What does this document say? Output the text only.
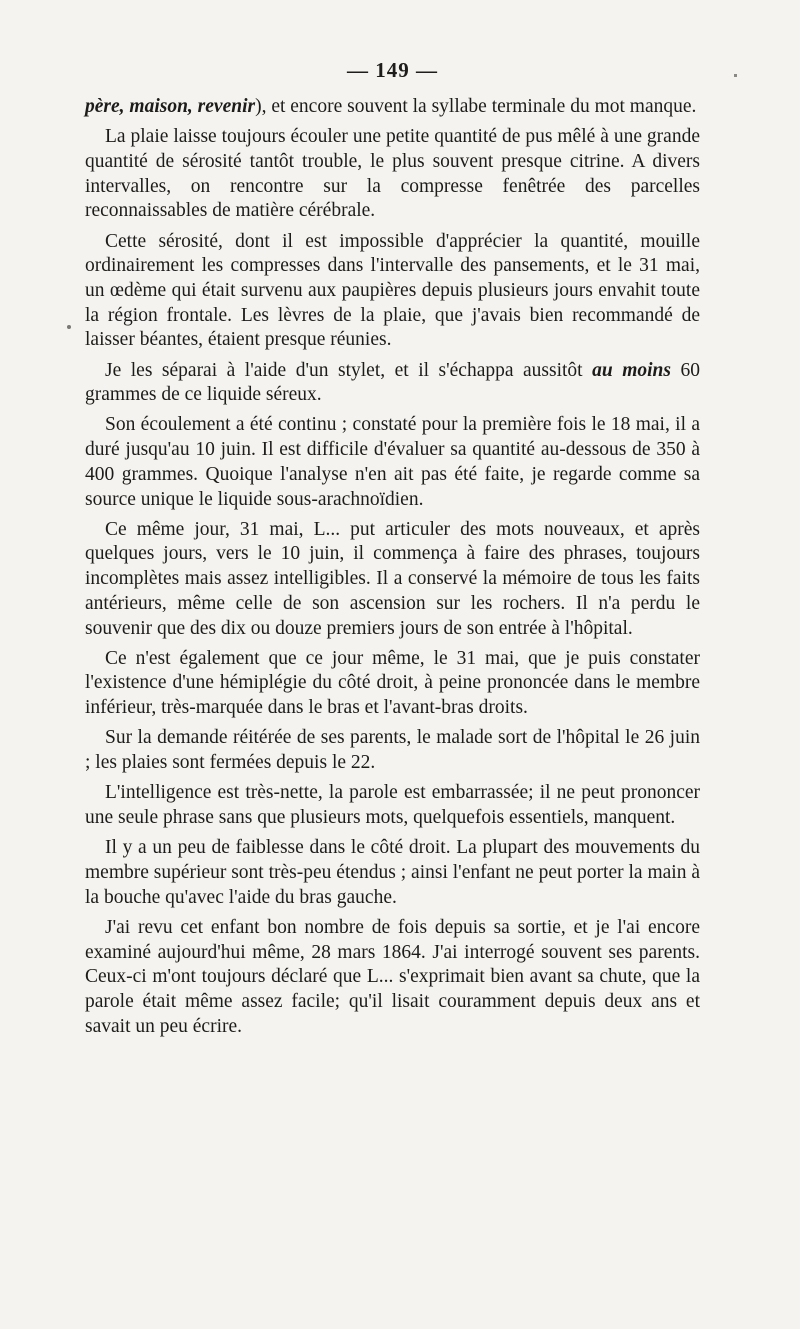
— 149 —

père, maison, revenir), et encore souvent la syllabe terminale du mot manque.

La plaie laisse toujours écouler une petite quantité de pus mêlé à une grande quantité de sérosité tantôt trouble, le plus souvent presque citrine. A divers intervalles, on rencontre sur la compresse fenêtrée des parcelles reconnaissables de matière cérébrale.

Cette sérosité, dont il est impossible d'apprécier la quantité, mouille ordinairement les compresses dans l'intervalle des pansements, et le 31 mai, un œdème qui était survenu aux paupières depuis plusieurs jours envahit toute la région frontale. Les lèvres de la plaie, que j'avais bien recommandé de laisser béantes, étaient presque réunies.

Je les séparai à l'aide d'un stylet, et il s'échappa aussitôt au moins 60 grammes de ce liquide séreux.

Son écoulement a été continu ; constaté pour la première fois le 18 mai, il a duré jusqu'au 10 juin. Il est difficile d'évaluer sa quantité au-dessous de 350 à 400 grammes. Quoique l'analyse n'en ait pas été faite, je regarde comme sa source unique le liquide sous-arachnoïdien.

Ce même jour, 31 mai, L... put articuler des mots nouveaux, et après quelques jours, vers le 10 juin, il commença à faire des phrases, toujours incomplètes mais assez intelligibles. Il a conservé la mémoire de tous les faits antérieurs, même celle de son ascension sur les rochers. Il n'a perdu le souvenir que des dix ou douze premiers jours de son entrée à l'hôpital.

Ce n'est également que ce jour même, le 31 mai, que je puis constater l'existence d'une hémiplégie du côté droit, à peine prononcée dans le membre inférieur, très-marquée dans le bras et l'avant-bras droits.

Sur la demande réitérée de ses parents, le malade sort de l'hôpital le 26 juin ; les plaies sont fermées depuis le 22.

L'intelligence est très-nette, la parole est embarrassée; il ne peut prononcer une seule phrase sans que plusieurs mots, quelquefois essentiels, manquent.

Il y a un peu de faiblesse dans le côté droit. La plupart des mouvements du membre supérieur sont très-peu étendus ; ainsi l'enfant ne peut porter la main à la bouche qu'avec l'aide du bras gauche.

J'ai revu cet enfant bon nombre de fois depuis sa sortie, et je l'ai encore examiné aujourd'hui même, 28 mars 1864. J'ai interrogé souvent ses parents. Ceux-ci m'ont toujours déclaré que L... s'exprimait bien avant sa chute, que la parole était même assez facile; qu'il lisait couramment depuis deux ans et savait un peu écrire.
